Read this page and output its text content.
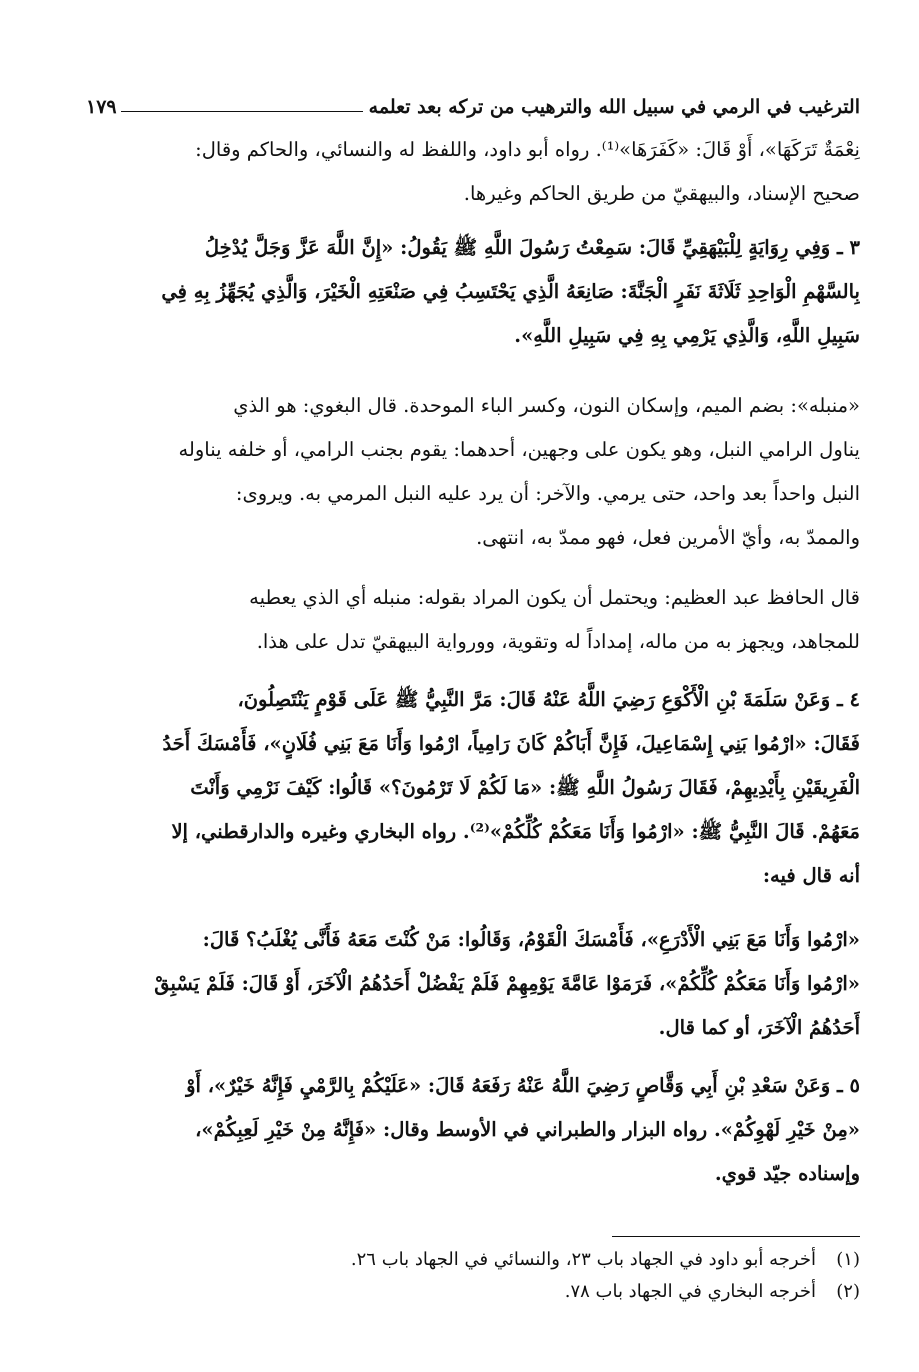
الترغيب في الرمي في سبيل الله والترهيب من تركه بعد تعلمه
١٧٩
نِعْمَةٌ تَرَكَهَا»، أَوْ قَالَ: «كَفَرَهَا»⁽¹⁾. رواه أبو داود، واللفظ له والنسائي، والحاكم وقال:
صحيح الإسناد، والبيهقيّ من طريق الحاكم وغيرها.
٣ ـ وَفِي رِوَايَةٍ لِلْبَيْهَقِيِّ قَالَ: سَمِعْتُ رَسُولَ اللَّهِ ﷺ يَقُولُ: «إِنَّ اللَّهَ عَزَّ وَجَلَّ يُدْخِلُ
بِالسَّهْمِ الْوَاحِدِ ثَلَاثَةَ نَفَرٍ الْجَنَّةَ: صَانِعَهُ الَّذِي يَحْتَسِبُ فِي صَنْعَتِهِ الْخَيْرَ، وَالَّذِي يُجَهِّزُ بِهِ فِي
سَبِيلِ اللَّهِ، وَالَّذِي يَرْمِي بِهِ فِي سَبِيلِ اللَّهِ».
«منبله»: بضم الميم، وإسكان النون، وكسر الباء الموحدة. قال البغوي: هو الذي
يناول الرامي النبل، وهو يكون على وجهين، أحدهما: يقوم بجنب الرامي، أو خلفه يناوله
النبل واحداً بعد واحد، حتى يرمي. والآخر: أن يرد عليه النبل المرمي به. ويروى:
والممدّ به، وأيّ الأمرين فعل، فهو ممدّ به، انتهى.
قال الحافظ عبد العظيم: ويحتمل أن يكون المراد بقوله: منبله أي الذي يعطيه
للمجاهد، ويجهز به من ماله، إمداداً له وتقوية، وورواية البيهقيّ تدل على هذا.
٤ ـ وَعَنْ سَلَمَةَ بْنِ الْأَكْوَعِ رَضِيَ اللَّهُ عَنْهُ قَالَ: مَرَّ النَّبِيُّ ﷺ عَلَى قَوْمٍ يَنْتَصِلُونَ،
فَقَالَ: «ارْمُوا بَنِي إِسْمَاعِيلَ، فَإِنَّ أَبَاكُمْ كَانَ رَامِياً، ارْمُوا وَأَنَا مَعَ بَنِي فُلَانٍ»، فَأَمْسَكَ أَحَدُ
الْفَرِيقَيْنِ بِأَيْدِيهِمْ، فَقَالَ رَسُولُ اللَّهِ ﷺ: «مَا لَكُمْ لَا تَرْمُونَ؟» قَالُوا: كَيْفَ نَرْمِي وَأَنْتَ
مَعَهُمْ. قَالَ النَّبِيُّ ﷺ: «ارْمُوا وَأَنَا مَعَكُمْ كُلِّكُمْ»⁽²⁾. رواه البخاري وغيره والدارقطني، إلا
أنه قال فيه:
«ارْمُوا وَأَنَا مَعَ بَنِي الْأَدْرَعِ»، فَأَمْسَكَ الْقَوْمُ، وَقَالُوا: مَنْ كُنْتَ مَعَهُ فَأَنَّى يُغْلَبُ؟ قَالَ:
«ارْمُوا وَأَنَا مَعَكُمْ كُلِّكُمْ»، فَرَمَوْا عَامَّةَ يَوْمِهِمْ فَلَمْ يَفْضُلْ أَحَدُهُمُ الْآخَرَ، أَوْ قَالَ: فَلَمْ يَسْبِقْ
أَحَدُهُمُ الْآخَرَ، أو كما قال.
٥ ـ وَعَنْ سَعْدِ بْنِ أَبِي وَقَّاصٍ رَضِيَ اللَّهُ عَنْهُ رَفَعَهُ قَالَ: «عَلَيْكُمْ بِالرَّمْيِ فَإِنَّهُ خَيْرٌ»، أَوْ
«مِنْ خَيْرِ لَهْوِكُمْ». رواه البزار والطبراني في الأوسط وقال: «فَإِنَّهُ مِنْ خَيْرِ لَعِبِكُمْ»،
وإسناده جيّد قوي.
(١)
أخرجه أبو داود في الجهاد باب ٢٣، والنسائي في الجهاد باب ٢٦.
(٢)
أخرجه البخاري في الجهاد باب ٧٨.
